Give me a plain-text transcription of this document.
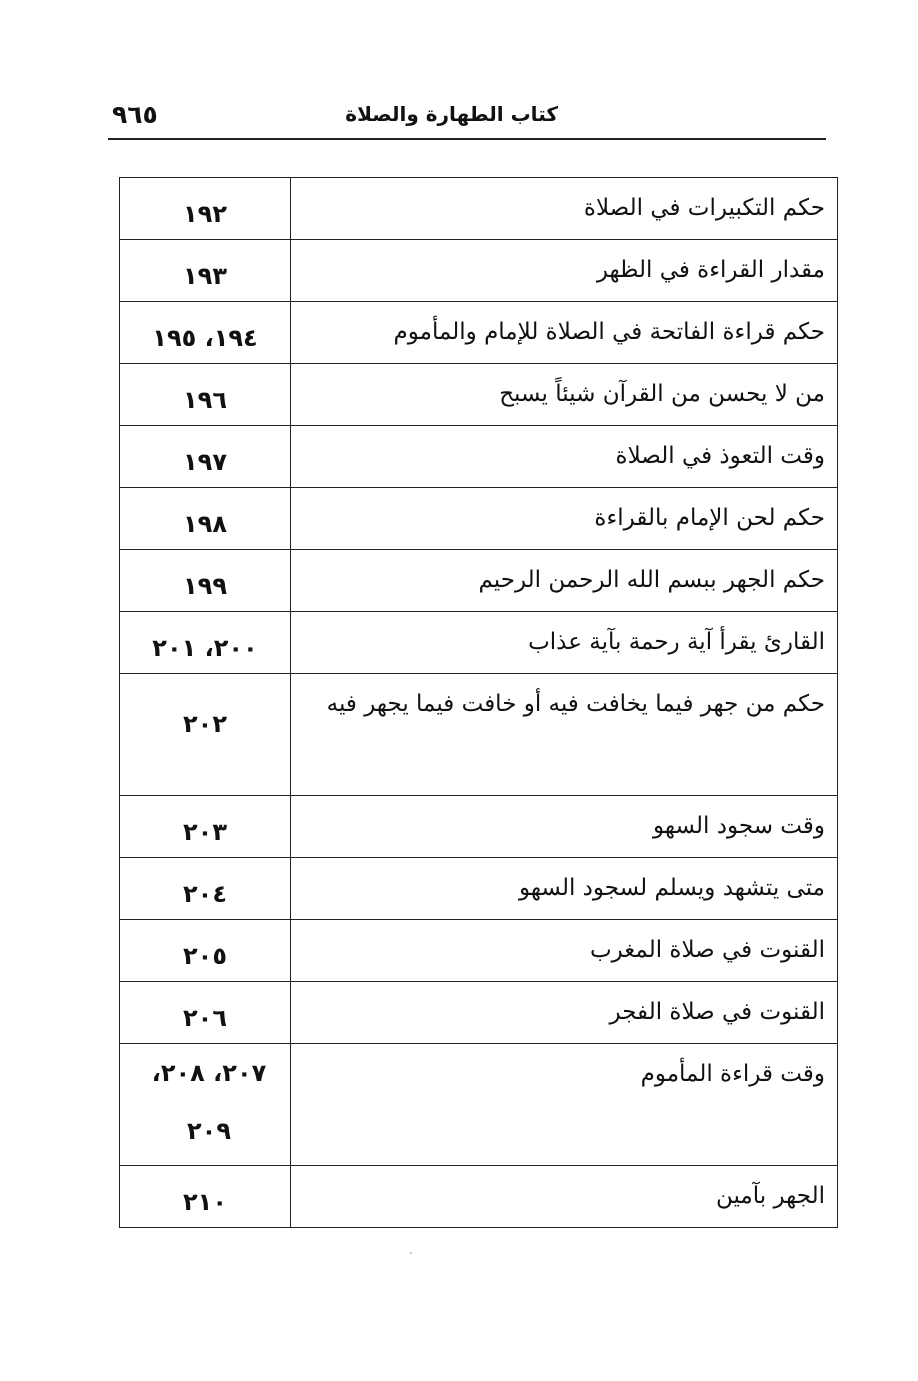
٩٦٥	كتاب الطهارة والصلاة
حكم التكبيرات في الصلاة	١٩٢
مقدار القراءة في الظهر	١٩٣
حكم قراءة الفاتحة في الصلاة للإمام والمأموم	١٩٤، ١٩٥
من لا يحسن من القرآن شيئاً يسبح	١٩٦
وقت التعوذ في الصلاة	١٩٧
حكم لحن الإمام بالقراءة	١٩٨
حكم الجهر ببسم الله الرحمن الرحيم	١٩٩
القارئ يقرأ آية رحمة بآية عذاب	٢٠٠، ٢٠١
حكم من جهر فيما يخافت فيه أو خافت فيما يجهر فيه	٢٠٢
وقت سجود السهو	٢٠٣
متى يتشهد ويسلم لسجود السهو	٢٠٤
القنوت في صلاة المغرب	٢٠٥
القنوت في صلاة الفجر	٢٠٦
وقت قراءة المأموم	٢٠٧، ٢٠٨، ٢٠٩
الجهر بآمين	٢١٠
